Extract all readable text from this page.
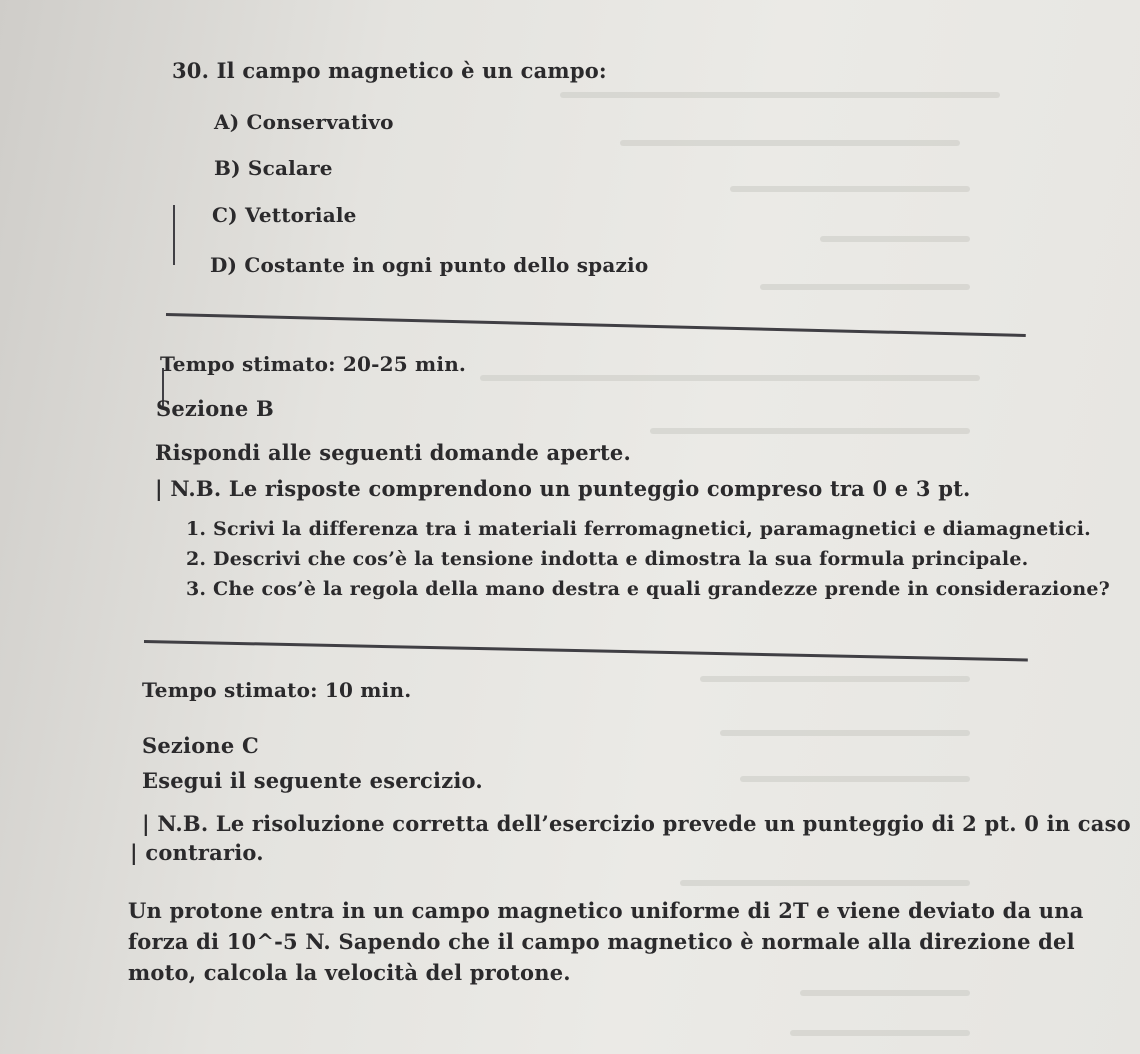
30. Il campo magnetico è un campo:
A) Conservativo
B) Scalare
C) Vettoriale
D) Costante in ogni punto dello spazio
Tempo stimato: 20-25 min.
Sezione B
Rispondi alle seguenti domande aperte.
| N.B. Le risposte comprendono un punteggio compreso tra 0 e 3 pt.
1. Scrivi la differenza tra i materiali ferromagnetici, paramagnetici e diamagnetici.
2. Descrivi che cos’è la tensione indotta e dimostra la sua formula principale.
3. Che cos’è la regola della mano destra e quali grandezze prende in considerazione?
Tempo stimato: 10 min.
Sezione C
Esegui il seguente esercizio.
| N.B. Le risoluzione corretta dell’esercizio prevede un punteggio di 2 pt. 0 in caso
| contrario.
Un protone entra in un campo magnetico uniforme di 2T e viene deviato da una
forza di 10^-5 N. Sapendo che il campo magnetico è normale alla direzione del
moto, calcola la velocità del protone.
